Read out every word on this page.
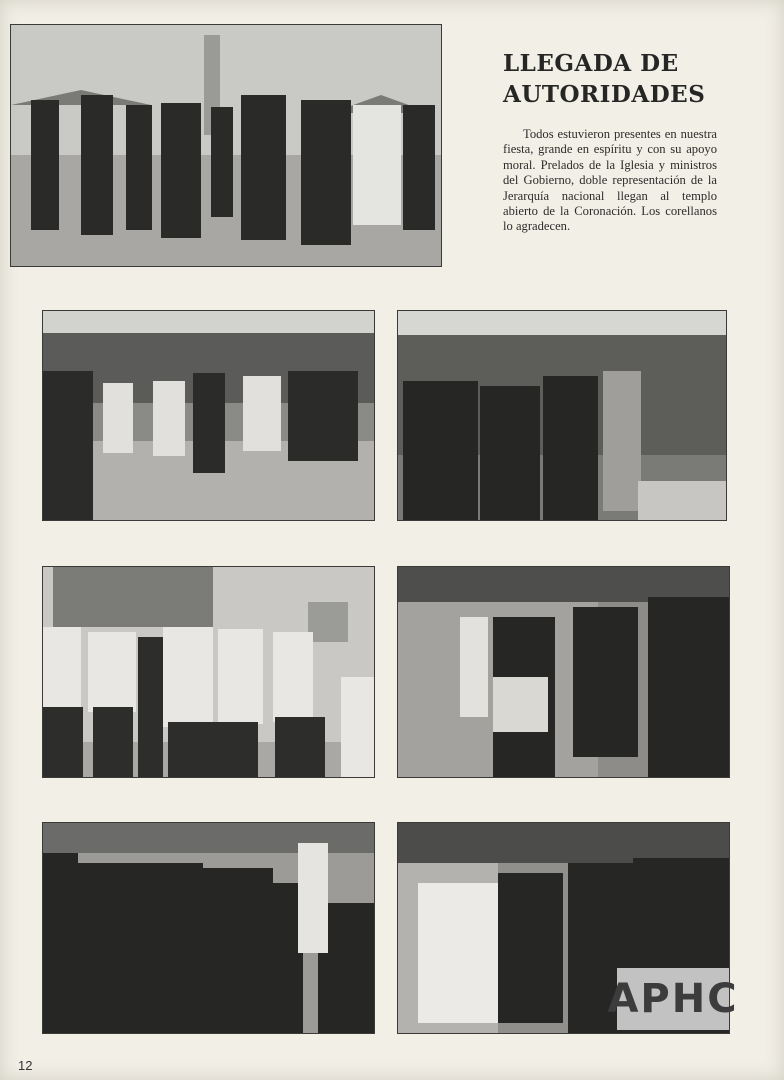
LLEGADA DE
AUTORIDADES

Todos estuvieron presentes en nuestra fiesta, grande en espíritu y con su apoyo moral. Prelados de la Iglesia y ministros del Gobierno, doble representación de la Jerarquía nacional llegan al templo abierto de la Coronación. Los corellanos lo agradecen.

APHC
12
